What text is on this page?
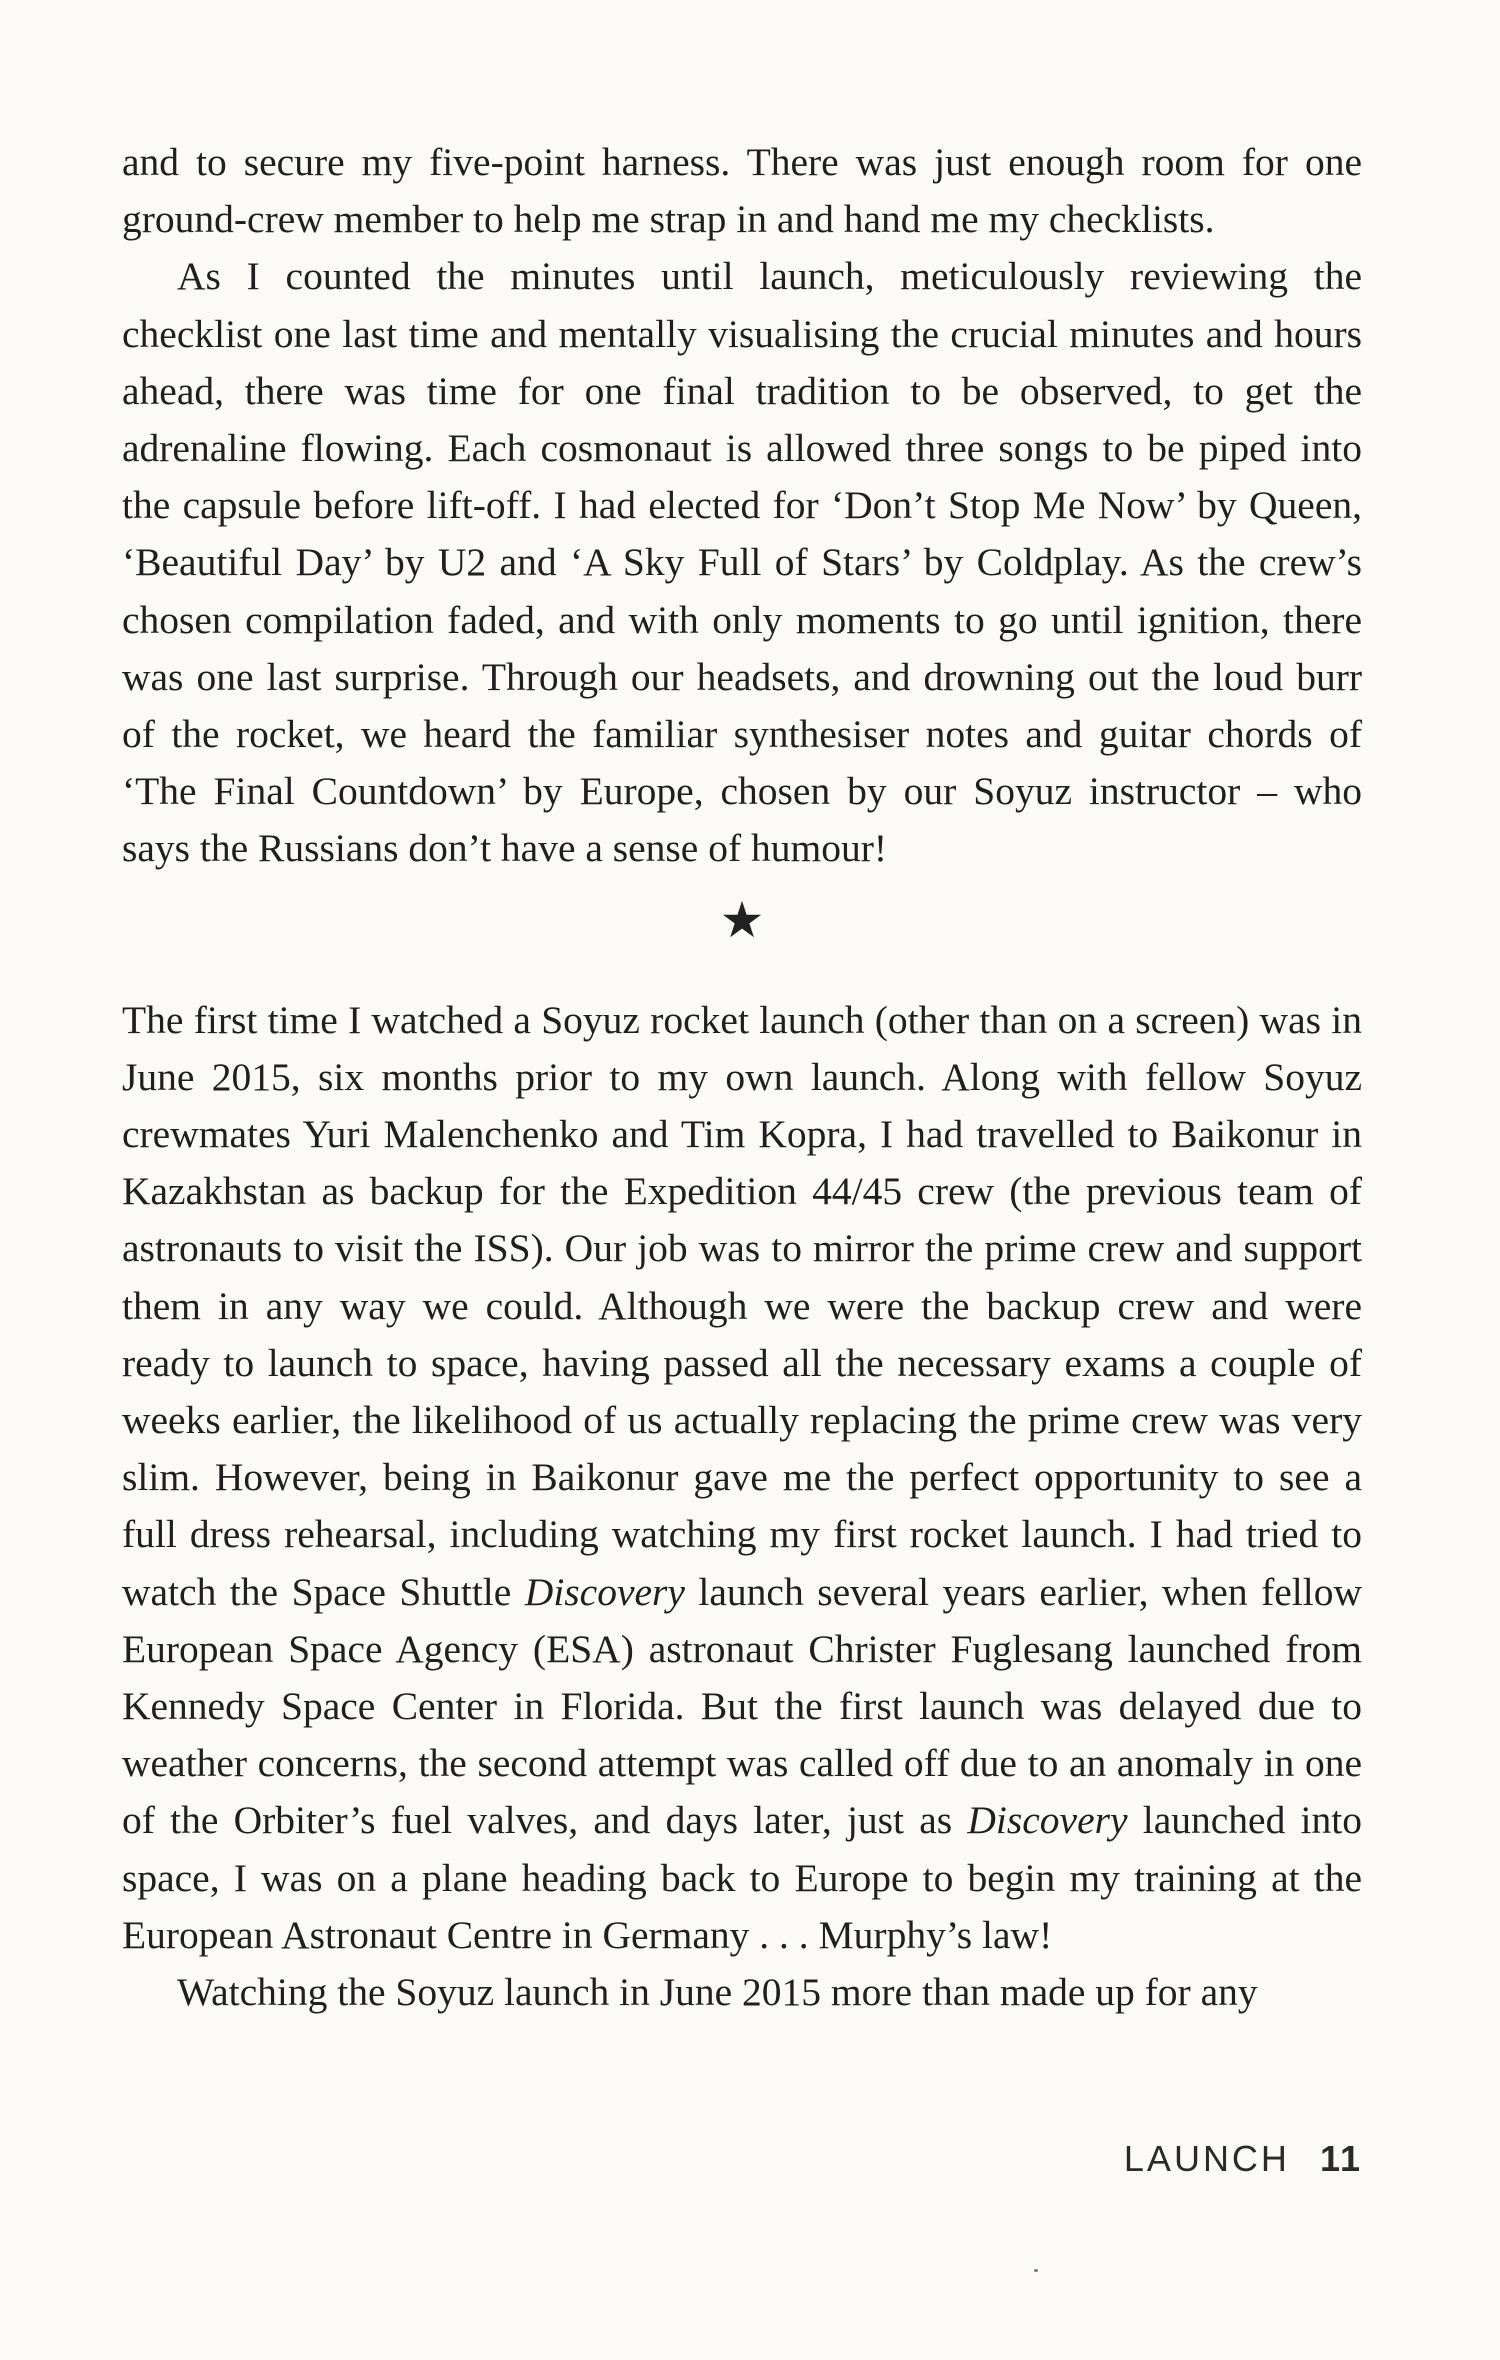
and to secure my five-point harness. There was just enough room for one ground-crew member to help me strap in and hand me my checklists.

As I counted the minutes until launch, meticulously reviewing the checklist one last time and mentally visualising the crucial minutes and hours ahead, there was time for one final tradition to be observed, to get the adrenaline flowing. Each cosmonaut is allowed three songs to be piped into the capsule before lift-off. I had elected for ‘Don’t Stop Me Now’ by Queen, ‘Beautiful Day’ by U2 and ‘A Sky Full of Stars’ by Coldplay. As the crew’s chosen compilation faded, and with only moments to go until ignition, there was one last surprise. Through our headsets, and drowning out the loud burr of the rocket, we heard the familiar synthesiser notes and guitar chords of ‘The Final Countdown’ by Europe, chosen by our Soyuz instructor – who says the Russians don’t have a sense of humour!

★

The first time I watched a Soyuz rocket launch (other than on a screen) was in June 2015, six months prior to my own launch. Along with fellow Soyuz crewmates Yuri Malenchenko and Tim Kopra, I had travelled to Baikonur in Kazakhstan as backup for the Expedition 44/45 crew (the previous team of astronauts to visit the ISS). Our job was to mirror the prime crew and support them in any way we could. Although we were the backup crew and were ready to launch to space, having passed all the necessary exams a couple of weeks earlier, the likelihood of us actually replacing the prime crew was very slim. However, being in Baikonur gave me the perfect opportunity to see a full dress rehearsal, including watching my first rocket launch. I had tried to watch the Space Shuttle Discovery launch several years earlier, when fellow European Space Agency (ESA) astronaut Christer Fuglesang launched from Kennedy Space Center in Florida. But the first launch was delayed due to weather concerns, the second attempt was called off due to an anomaly in one of the Orbiter’s fuel valves, and days later, just as Discovery launched into space, I was on a plane heading back to Europe to begin my training at the European Astronaut Centre in Germany . . . Murphy’s law!

Watching the Soyuz launch in June 2015 more than made up for any

LAUNCH 11
